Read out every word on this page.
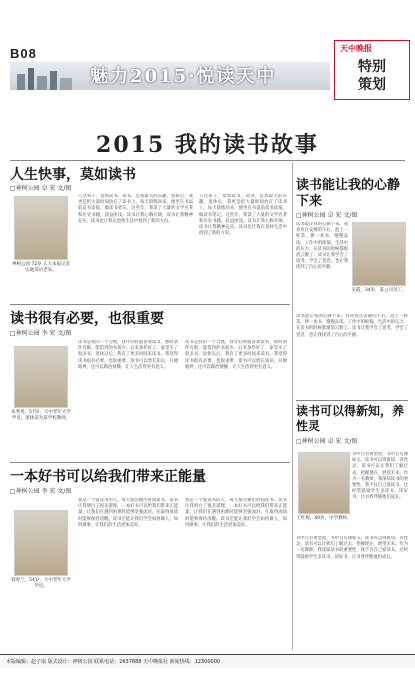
B08
魅力2015·悦读天中
天中晚报
特别
策划
2015 我的读书故事
人生快事，莫如读书
□神树公园 卓 宏 文/图
神树公园 72岁 人大本报记者实地采访老朱。
人这辈子，莫如读书。读书，是我最大的乐趣。退休后，我更是把大量时间放在了读书上，每天晨练回来，便坐在书桌前读书读报，做读书笔记。这些年，我读了大量的文学名著和历史书籍，获益匪浅。读书让我心胸开阔，读书让我精神充实，读书也让我在退休生活中找到了新的方向。
人这辈子，莫如读书。读书，是我最大的乐趣。退休后，我更是把大量时间放在了读书上，每天晨练回来，便坐在书桌前读书读报，做读书笔记。这些年，我读了大量的文学名著和历史书籍，获益匪浅。读书让我心胸开阔，读书让我精神充实，读书也让我在退休生活中找到了新的方向。
读书很有必要，也很重要
□神树公园 李 宏 文/图
朱秀英，57岁，天中老年大学学员，退休前为某学校教师。
读书是我的一个习惯，我年轻时就喜欢读书，那时条件有限，能借到的书很少。后来条件好了，家里买了很多书，退休以后，我有了更多时间来读书。我觉得读书很有必要，也很重要，读书可以增长知识，开阔眼界，还可以陶冶情操，让人生活得更有意义。
读书是我的一个习惯，我年轻时就喜欢读书，那时条件有限，能借到的书很少。后来条件好了，家里买了很多书，退休以后，我有了更多时间来读书。我觉得读书很有必要，也很重要，读书可以增长知识，开阔眼界，还可以陶冶情操，让人生活得更有意义。
一本好书可以给我们带来正能量
□神树公园 李 宏 文/图
韩春兰，54岁，天中老年大学学员。
我是一个爱读书的人，每天都会抽出时间读书。读书让我明白了很多道理，一本好书可以给我们带来正能量，让我们在遇到困难时能够坚强面对，在取得成绩时能够保持清醒。读书还能让我们学会如何做人，如何做事，让我们的生活更加美好。
我是一个爱读书的人，每天都会抽出时间读书。读书让我明白了很多道理，一本好书可以给我们带来正能量，让我们在遇到困难时能够坚强面对，在取得成绩时能够保持清醒。读书还能让我们学会如何做人，如何做事，让我们的生活更加美好。
读书能让我的心静下来
□神树公园 卓 宏 文/图
读书能让我的心静下来。我喜欢在安静的午后，泡上一杯茶，捧一本书，慢慢品读。工作中的烦恼，生活中的压力，在读书的时候都烟消云散了。读书让我学会了思考，学会了宽容，也让我找到了内心的平静。
吴霞，34岁，某公司员工。
读书能让我的心静下来。我喜欢在安静的午后，泡上一杯茶，捧一本书，慢慢品读。工作中的烦恼，生活中的压力，在读书的时候都烟消云散了。读书让我学会了思考，学会了宽容，也让我找到了内心的平静。
读书可以得新知，养性灵
□神树公园 卓 宏 文/图
王红梅，40岁，中学教师。
书中自有黄金屋，书中自有颜如玉。读书可以得新知，养性灵，读书可以让我们了解过去，把握现在，展望未来。作为一名教师，我深知读书的重要性，我不仅自己爱读书，还经常鼓励学生多读书，读好书，让书香伴随他们成长。
书中自有黄金屋，书中自有颜如玉。读书可以得新知，养性灵，读书可以让我们了解过去，把握现在，展望未来。作为一名教师，我深知读书的重要性，我不仅自己爱读书，还经常鼓励学生多读书，读好书，让书香伴随他们成长。
本版编辑：赵子珉 版式设计：神树公园 联系电话：2637888 天中晚报社 新闻热线：12300000
